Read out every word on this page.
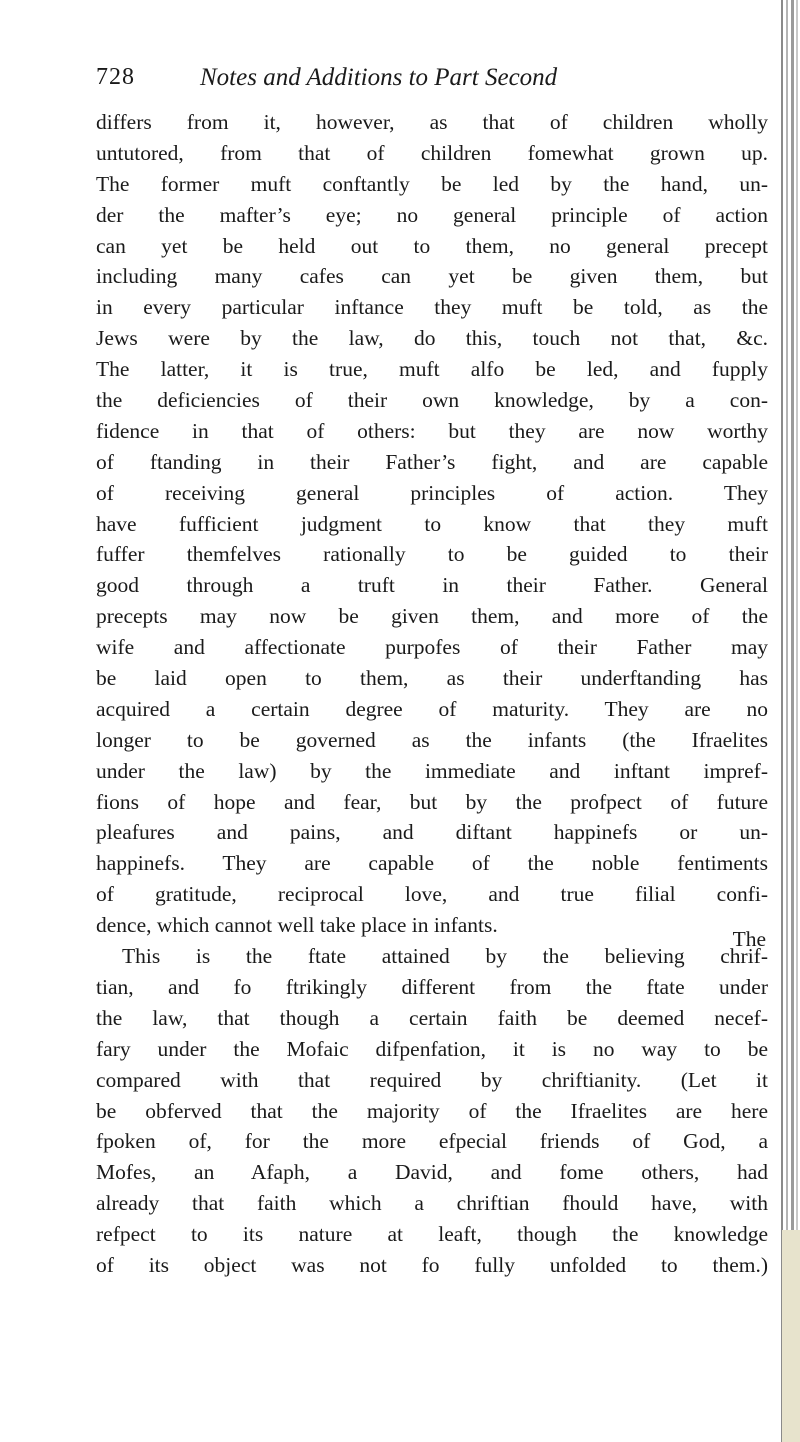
728	Notes and Additions to Part Second
differs from it, however, as that of children wholly
untutored, from that of children fomewhat grown up.
The former muft conftantly be led by the hand, un-
der the mafter’s eye; no general principle of action
can yet be held out to them, no general precept
including many cafes can yet be given them, but
in every particular inftance they muft be told, as the
Jews were by the law, do this, touch not that, &c.
The latter, it is true, muft alfo be led, and fupply
the deficiencies of their own knowledge, by a con-
fidence in that of others: but they are now worthy
of ftanding in their Father’s fight, and are capable
of receiving general principles of action. They
have fufficient judgment to know that they muft
fuffer themfelves rationally to be guided to their
good through a truft in their Father. General
precepts may now be given them, and more of the
wife and affectionate purpofes of their Father may
be laid open to them, as their underftanding has
acquired a certain degree of maturity. They are no
longer to be governed as the infants (the Ifraelites
under the law) by the immediate and inftant impref-
fions of hope and fear, but by the profpect of future
pleafures and pains, and diftant happinefs or un-
happinefs. They are capable of the noble fentiments
of gratitude, reciprocal love, and true filial confi-
dence, which cannot well take place in infants.
This is the ftate attained by the believing chrif-
tian, and fo ftrikingly different from the ftate under
the law, that though a certain faith be deemed necef-
fary under the Mofaic difpenfation, it is no way to be
compared with that required by chriftianity. (Let it
be obferved that the majority of the Ifraelites are here
fpoken of, for the more efpecial friends of God, a
Mofes, an Afaph, a David, and fome others, had
already that faith which a chriftian fhould have, with
refpect to its nature at leaft, though the knowledge
of its object was not fo fully unfolded to them.)
The
